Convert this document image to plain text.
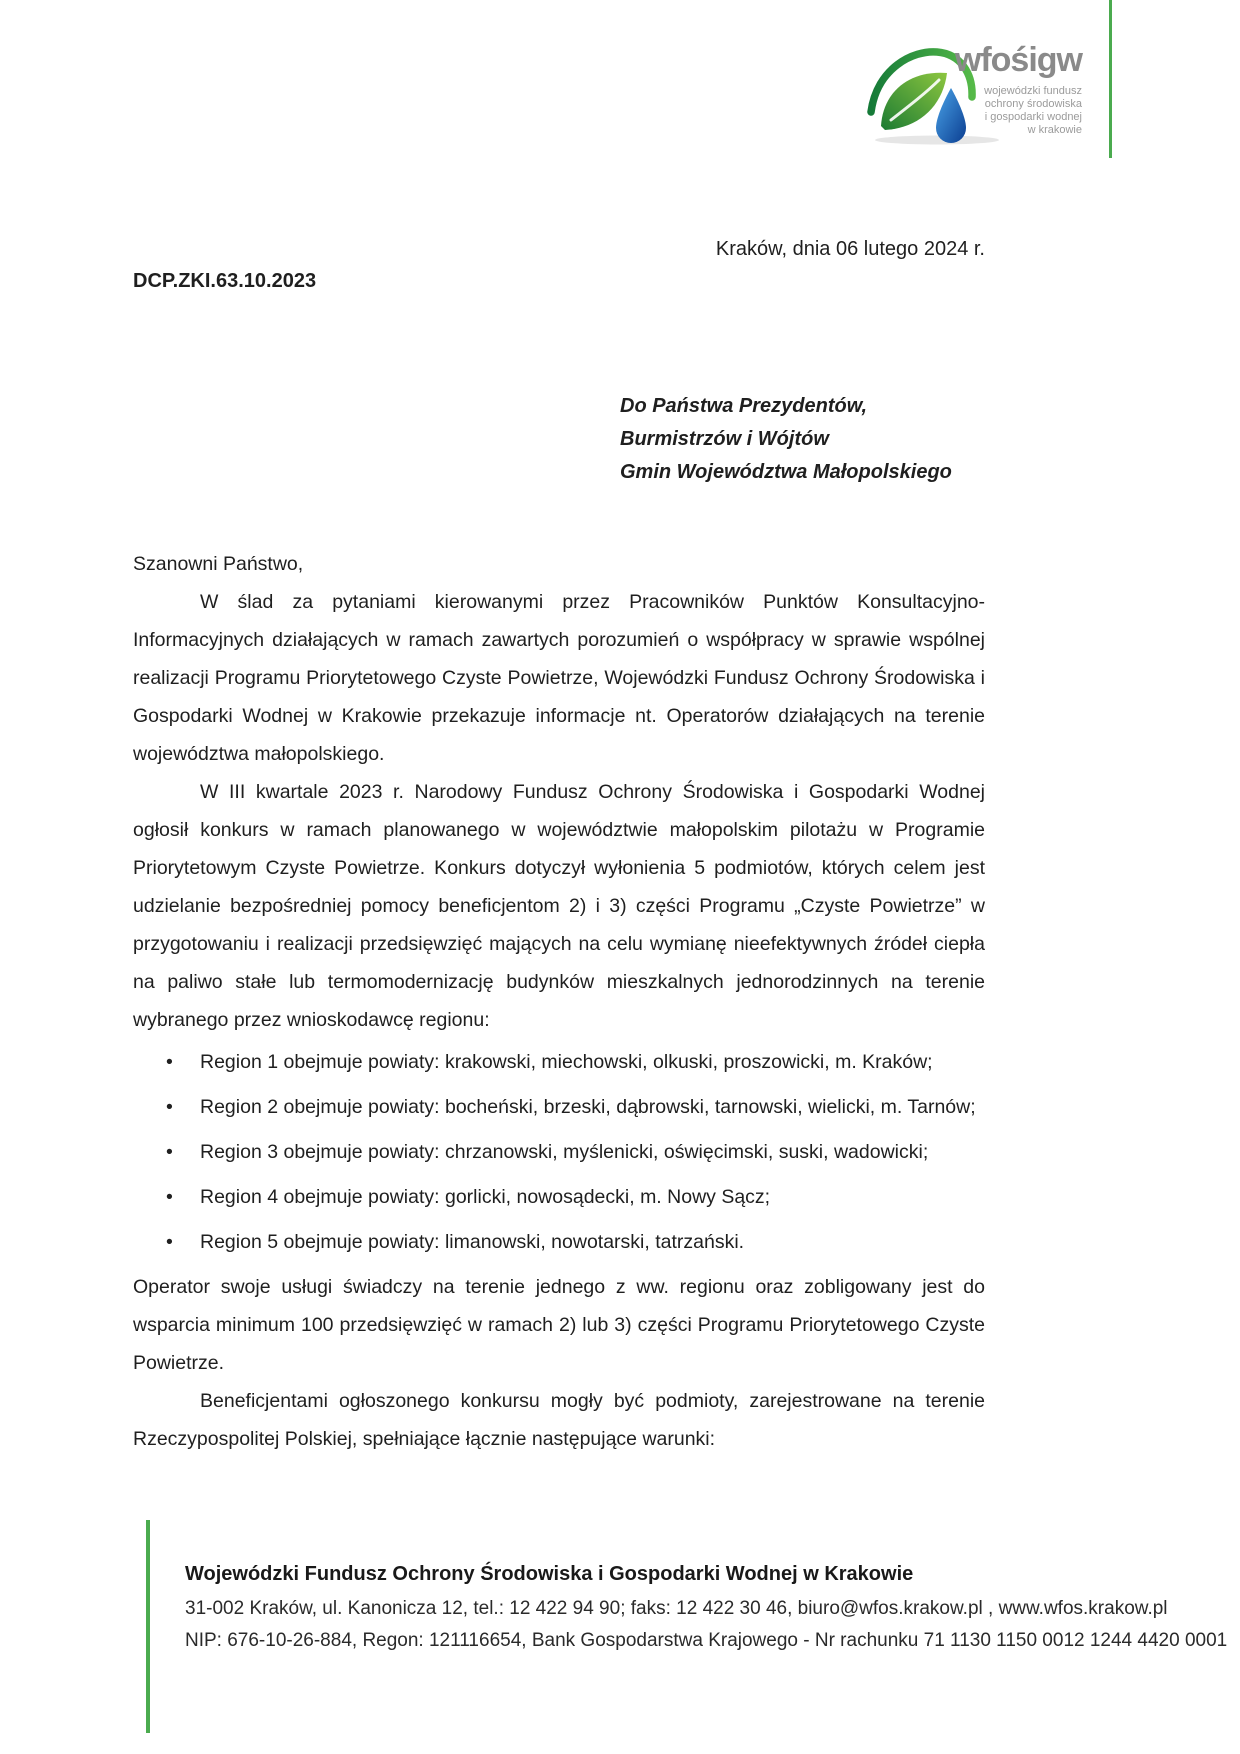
wfośigw
wojewódzki fundusz
ochrony środowiska
i gospodarki wodnej
w krakowie
Kraków, dnia 06 lutego 2024 r.
DCP.ZKI.63.10.2023
Do Państwa Prezydentów,
Burmistrzów i Wójtów
Gmin Województwa Małopolskiego

Szanowni Państwo,

W ślad za pytaniami kierowanymi przez Pracowników Punktów Konsultacyjno-Informacyjnych działających w ramach zawartych porozumień o współpracy w sprawie wspólnej realizacji Programu Priorytetowego Czyste Powietrze, Wojewódzki Fundusz Ochrony Środowiska i Gospodarki Wodnej w Krakowie przekazuje informacje nt. Operatorów działających na terenie województwa małopolskiego.

W III kwartale 2023 r. Narodowy Fundusz Ochrony Środowiska i Gospodarki Wodnej ogłosił konkurs w ramach planowanego w województwie małopolskim pilotażu w Programie Priorytetowym Czyste Powietrze. Konkurs dotyczył wyłonienia 5 podmiotów, których celem jest udzielanie bezpośredniej pomocy beneficjentom 2) i 3) części Programu „Czyste Powietrze” w przygotowaniu i realizacji przedsięwzięć mających na celu wymianę nieefektywnych źródeł ciepła na paliwo stałe lub termomodernizację budynków mieszkalnych jednorodzinnych na terenie wybranego przez wnioskodawcę regionu:

• Region 1 obejmuje powiaty: krakowski, miechowski, olkuski, proszowicki, m. Kraków;
• Region 2 obejmuje powiaty: bocheński, brzeski, dąbrowski, tarnowski, wielicki, m. Tarnów;
• Region 3 obejmuje powiaty: chrzanowski, myślenicki, oświęcimski, suski, wadowicki;
• Region 4 obejmuje powiaty: gorlicki, nowosądecki, m. Nowy Sącz;
• Region 5 obejmuje powiaty: limanowski, nowotarski, tatrzański.

Operator swoje usługi świadczy na terenie jednego z ww. regionu oraz zobligowany jest do wsparcia minimum 100 przedsięwzięć w ramach 2) lub 3) części Programu Priorytetowego Czyste Powietrze.

Beneficjentami ogłoszonego konkursu mogły być podmioty, zarejestrowane na terenie Rzeczypospolitej Polskiej, spełniające łącznie następujące warunki:

Wojewódzki Fundusz Ochrony Środowiska i Gospodarki Wodnej w Krakowie
31-002 Kraków, ul. Kanonicza 12, tel.: 12 422 94 90; faks: 12 422 30 46, biuro@wfos.krakow.pl , www.wfos.krakow.pl
NIP: 676-10-26-884, Regon: 121116654, Bank Gospodarstwa Krajowego - Nr rachunku 71 1130 1150 0012 1244 4420 0001
